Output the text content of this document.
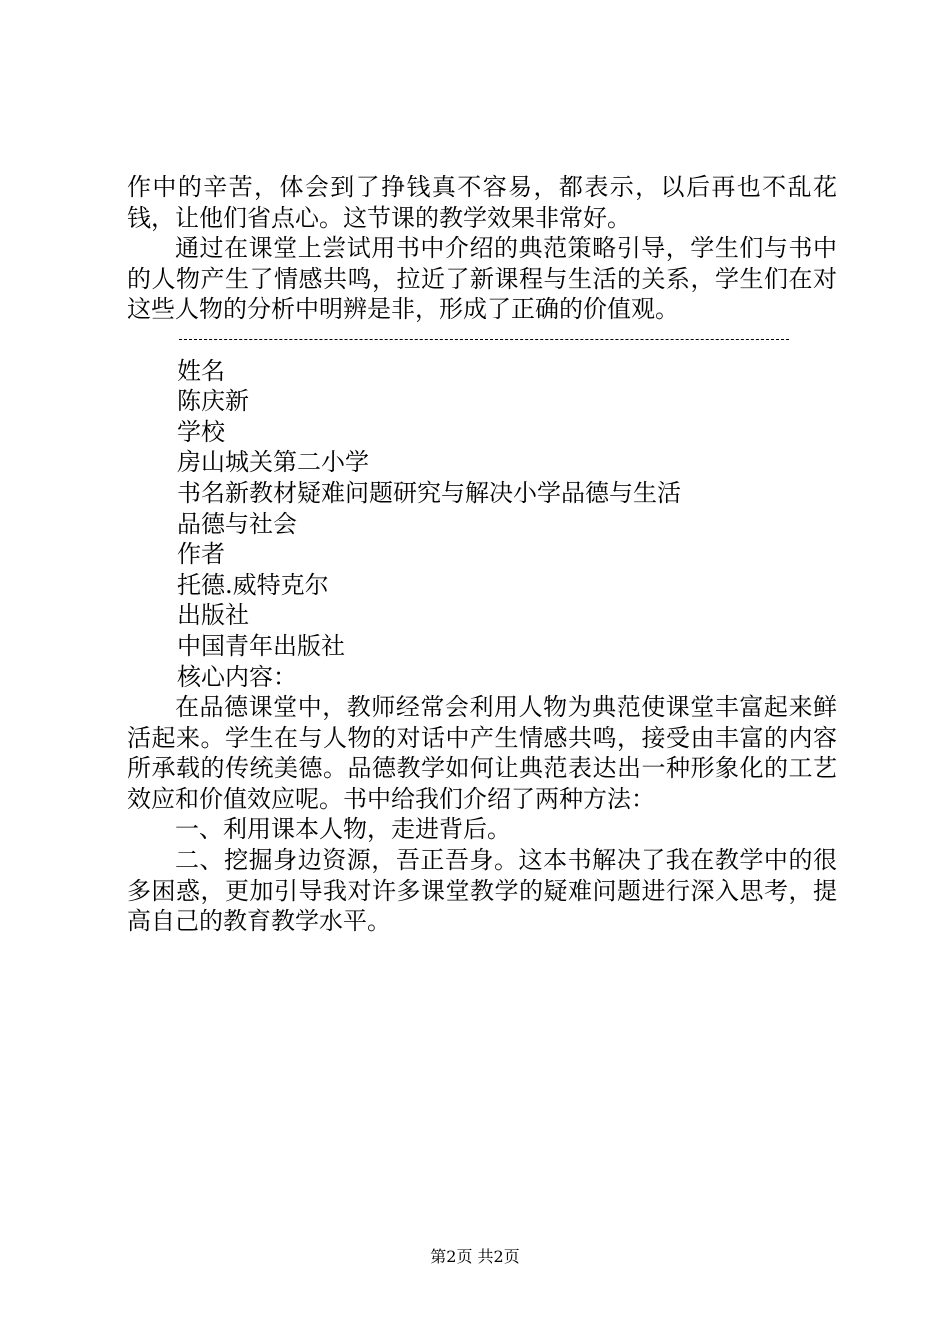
作中的辛苦，体会到了挣钱真不容易，都表示，以后再也不乱花钱，让他们省点心。这节课的教学效果非常好。

通过在课堂上尝试用书中介绍的典范策略引导，学生们与书中的人物产生了情感共鸣，拉近了新课程与生活的关系，学生们在对这些人物的分析中明辨是非，形成了正确的价值观。

姓名

陈庆新

学校

房山城关第二小学

书名新教材疑难问题研究与解决小学品德与生活

品德与社会

作者

托德.威特克尔

出版社

中国青年出版社

核心内容：

在品德课堂中，教师经常会利用人物为典范使课堂丰富起来鲜活起来。学生在与人物的对话中产生情感共鸣，接受由丰富的内容所承载的传统美德。品德教学如何让典范表达出一种形象化的工艺效应和价值效应呢。书中给我们介绍了两种方法：

一、利用课本人物，走进背后。

二、挖掘身边资源，吾正吾身。这本书解决了我在教学中的很多困惑，更加引导我对许多课堂教学的疑难问题进行深入思考，提高自己的教育教学水平。

第2页 共2页
